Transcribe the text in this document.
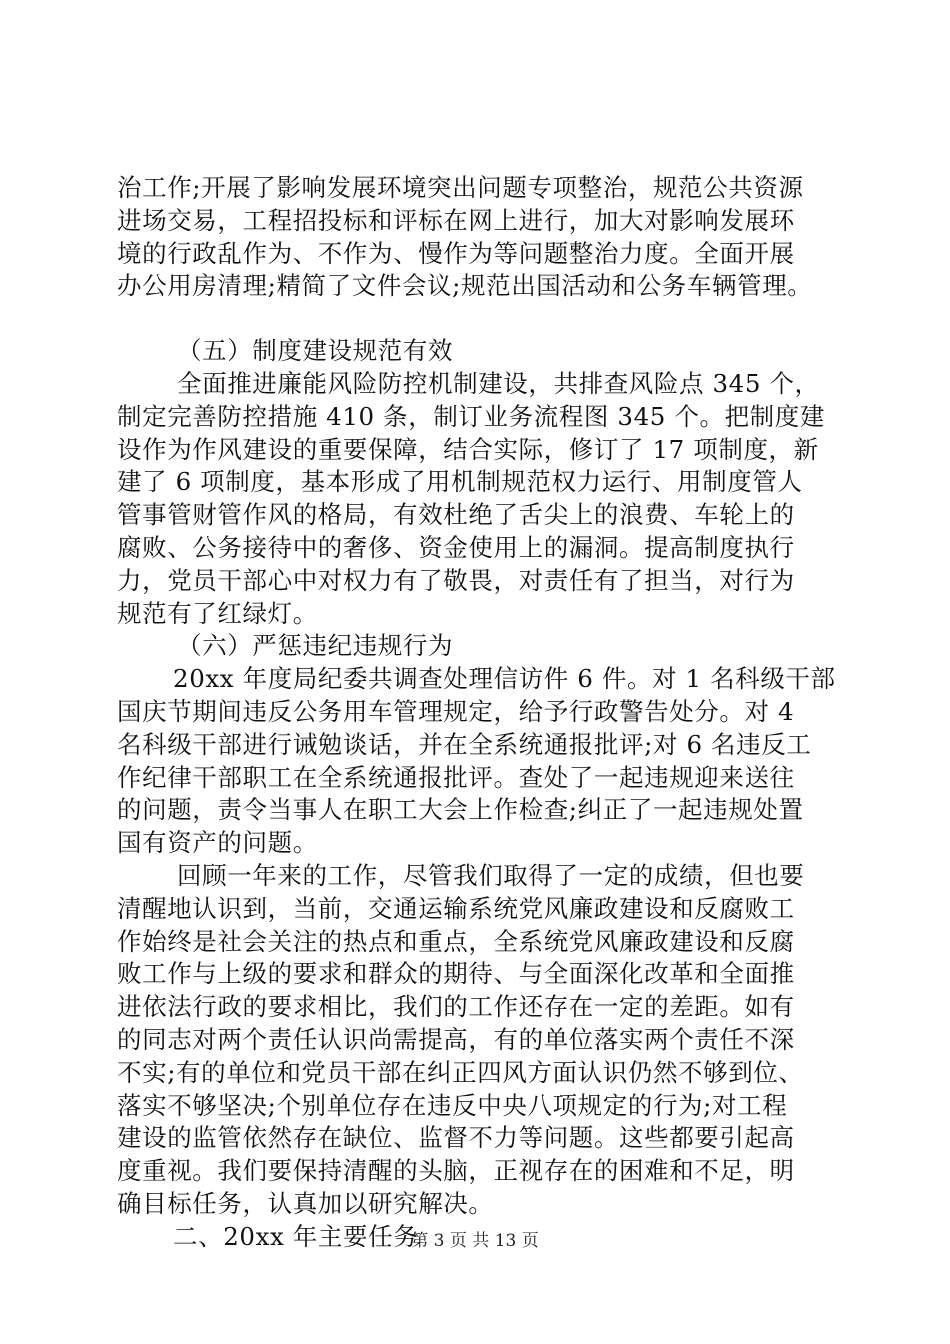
治工作;开展了影响发展环境突出问题专项整治，规范公共资源
进场交易，工程招投标和评标在网上进行，加大对影响发展环
境的行政乱作为、不作为、慢作为等问题整治力度。全面开展
办公用房清理;精简了文件会议;规范出国活动和公务车辆管理。
（五）制度建设规范有效
全面推进廉能风险防控机制建设，共排查风险点 345 个，
制定完善防控措施 410 条，制订业务流程图 345 个。把制度建
设作为作风建设的重要保障，结合实际，修订了 17 项制度，新
建了 6 项制度，基本形成了用机制规范权力运行、用制度管人
管事管财管作风的格局，有效杜绝了舌尖上的浪费、车轮上的
腐败、公务接待中的奢侈、资金使用上的漏洞。提高制度执行
力，党员干部心中对权力有了敬畏，对责任有了担当，对行为
规范有了红绿灯。
（六）严惩违纪违规行为
20xx 年度局纪委共调查处理信访件 6 件。对 1 名科级干部
国庆节期间违反公务用车管理规定，给予行政警告处分。对 4
名科级干部进行诫勉谈话，并在全系统通报批评;对 6 名违反工
作纪律干部职工在全系统通报批评。查处了一起违规迎来送往
的问题，责令当事人在职工大会上作检查;纠正了一起违规处置
国有资产的问题。
回顾一年来的工作，尽管我们取得了一定的成绩，但也要
清醒地认识到，当前，交通运输系统党风廉政建设和反腐败工
作始终是社会关注的热点和重点，全系统党风廉政建设和反腐
败工作与上级的要求和群众的期待、与全面深化改革和全面推
进依法行政的要求相比，我们的工作还存在一定的差距。如有
的同志对两个责任认识尚需提高，有的单位落实两个责任不深
不实;有的单位和党员干部在纠正四风方面认识仍然不够到位、
落实不够坚决;个别单位存在违反中央八项规定的行为;对工程
建设的监管依然存在缺位、监督不力等问题。这些都要引起高
度重视。我们要保持清醒的头脑，正视存在的困难和不足，明
确目标任务，认真加以研究解决。
二、20xx 年主要任务
第 3 页 共 13 页
